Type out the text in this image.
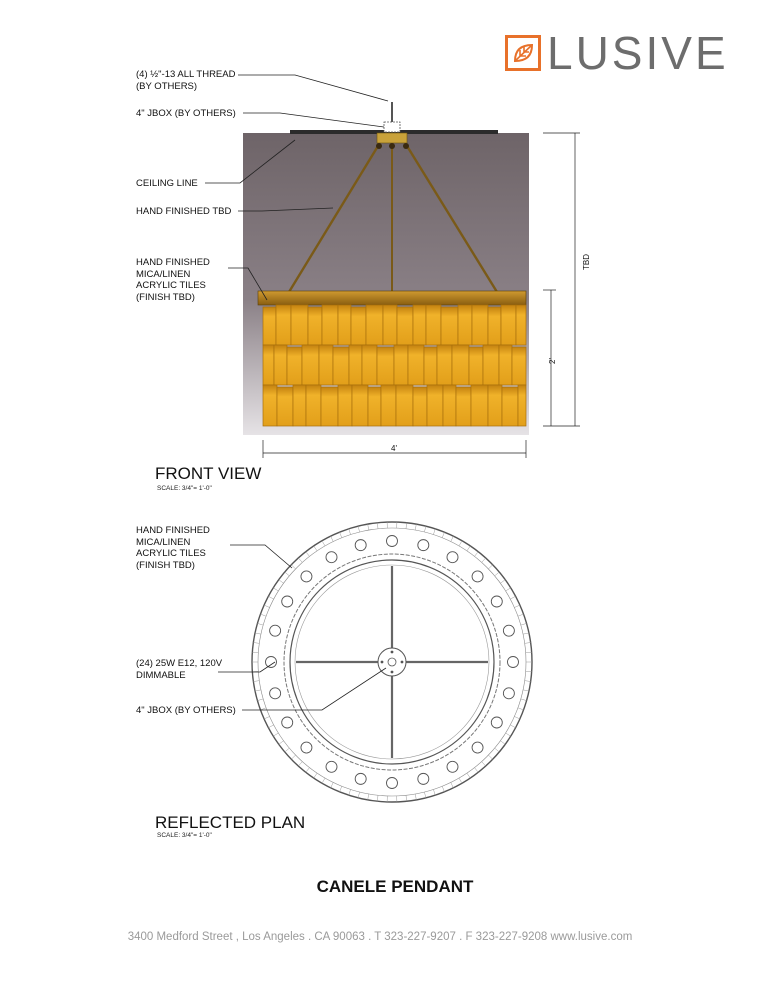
LUSIVE
(4) ½"-13 ALL THREAD
(BY OTHERS)
4" JBOX (BY OTHERS)
CEILING LINE
HAND FINISHED TBD
HAND FINISHED
MICA/LINEN
ACRYLIC TILES
(FINISH TBD)
TBD
2'
4'
FRONT VIEW
SCALE: 3/4"= 1'-0"
HAND FINISHED
MICA/LINEN
ACRYLIC TILES
(FINISH TBD)
(24) 25W E12, 120V
DIMMABLE
4" JBOX (BY OTHERS)
REFLECTED PLAN
SCALE: 3/4"= 1'-0"
CANELE PENDANT
3400 Medford Street , Los Angeles . CA 90063 . T 323-227-9207 . F 323-227-9208 www.lusive.com
